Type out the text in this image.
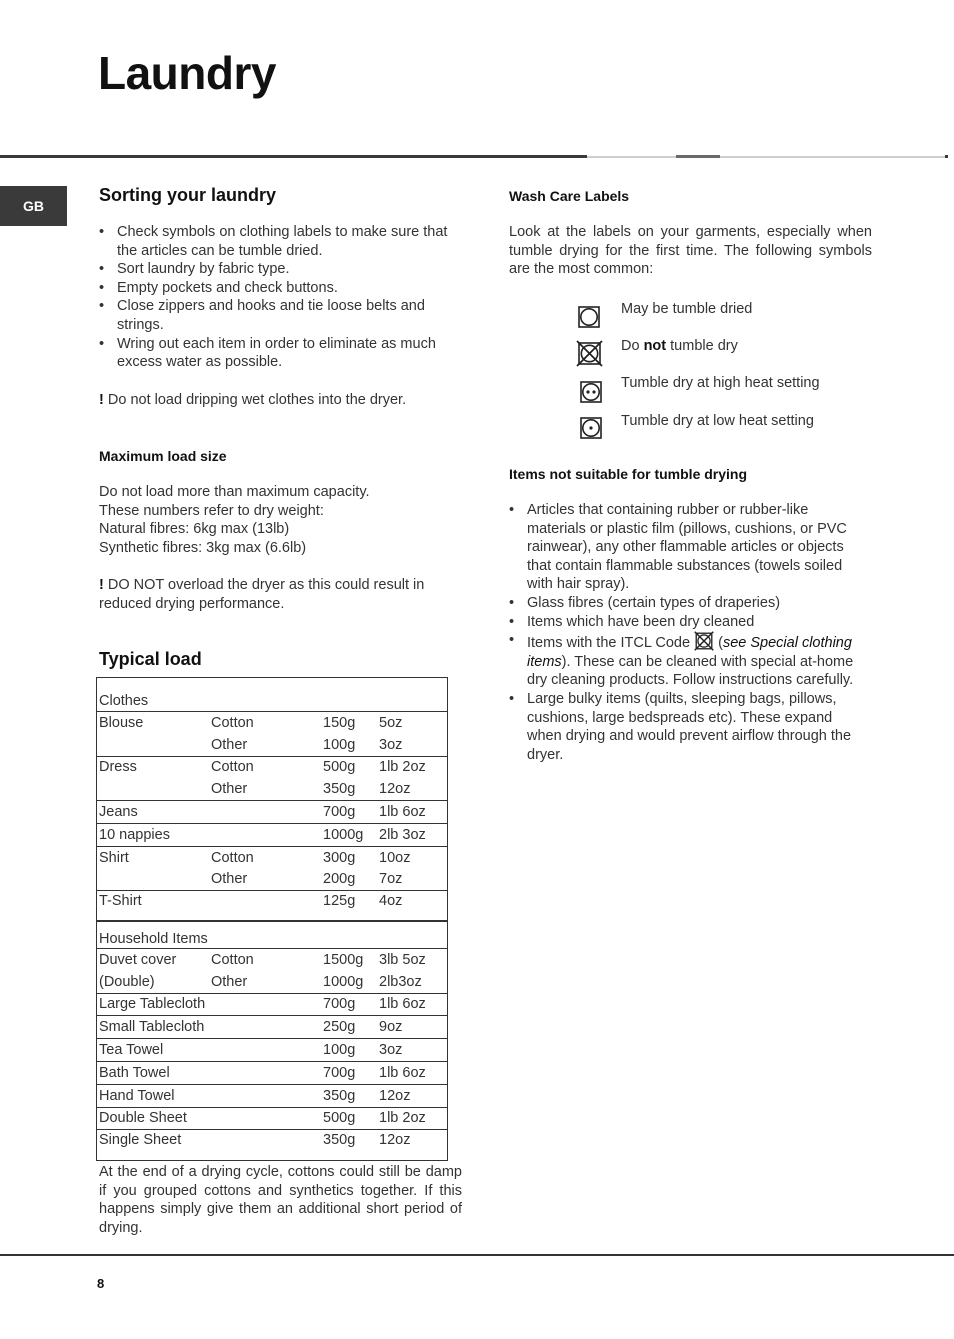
Laundry
GB
Sorting your laundry
• Check symbols on clothing labels to make sure that the articles can be tumble dried.
• Sort laundry by fabric type.
• Empty pockets and check buttons.
• Close zippers and hooks and tie loose belts and strings.
• Wring out each item in order to eliminate as much excess water as possible.

! Do not load dripping wet clothes into the dryer.

Maximum load size

Do not load more than maximum capacity.

These numbers refer to dry weight:

Natural fibres: 6kg max (13lb)

Synthetic fibres: 3kg max (6.6lb)

! DO NOT overload the dryer as this could result in reduced drying performance.

Typical load
Clothes			
Blouse	Cotton	150g	5oz
	Other	100g	3oz
Dress	Cotton	500g	1lb 2oz
	Other	350g	12oz
Jeans		700g	1lb 6oz
10 nappies		1000g	2lb 3oz
Shirt	Cotton	300g	10oz
	Other	200g	7oz
T-Shirt		125g	4oz
Household Items			
Duvet cover	Cotton	1500g	3lb 5oz
(Double)	Other	1000g	2lb3oz
Large Tablecloth		700g	1lb 6oz
Small Tablecloth		250g	9oz
Tea Towel		100g	3oz
Bath Towel		700g	1lb 6oz
Hand Towel		350g	12oz
Double Sheet		500g	1lb 2oz
Single Sheet		350g	12oz

At the end of a drying cycle, cottons could still be damp if you grouped cottons and synthetics together. If this happens simply give them an additional short period of drying.

Wash Care Labels

Look at the labels on your garments, especially when tumble drying for the first time. The following symbols are the most common:

May be tumble dried
Do not tumble dry
Tumble dry at high heat setting
Tumble dry at low heat setting
Items not suitable for tumble drying
• Articles that containing rubber or rubber-like materials or plastic film (pillows, cushions, or PVC rainwear), any other flammable articles or objects that contain flammable substances (towels soiled with hair spray).
• Glass fibres (certain types of draperies)
• Items which have been dry cleaned
• Items with the ITCL Code (see Special clothing items). These can be cleaned with special at-home dry cleaning products. Follow instructions carefully.
• Large bulky items (quilts, sleeping bags, pillows, cushions, large bedspreads etc). These expand when drying and would prevent airflow through the dryer.
8
